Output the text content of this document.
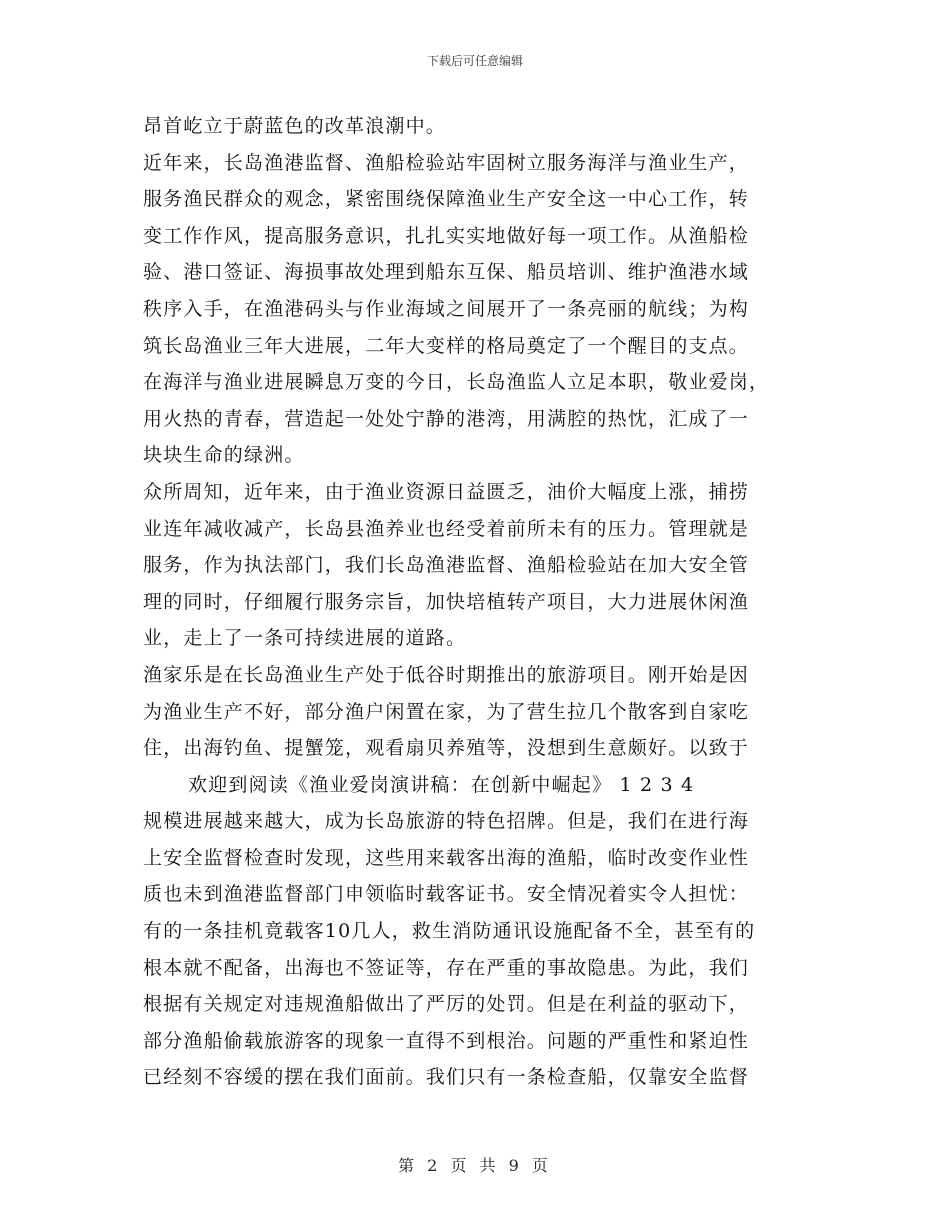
下载后可任意编辑
昂首屹立于蔚蓝色的改革浪潮中。
近年来，长岛渔港监督、渔船检验站牢固树立服务海洋与渔业生产，
服务渔民群众的观念，紧密围绕保障渔业生产安全这一中心工作，转
变工作作风，提高服务意识，扎扎实实地做好每一项工作。从渔船检
验、港口签证、海损事故处理到船东互保、船员培训、维护渔港水域
秩序入手，在渔港码头与作业海域之间展开了一条亮丽的航线；为构
筑长岛渔业三年大进展，二年大变样的格局奠定了一个醒目的支点。
在海洋与渔业进展瞬息万变的今日，长岛渔监人立足本职，敬业爱岗，
用火热的青春，营造起一处处宁静的港湾，用满腔的热忱，汇成了一
块块生命的绿洲。
众所周知，近年来，由于渔业资源日益匮乏，油价大幅度上涨，捕捞
业连年减收减产，长岛县渔养业也经受着前所未有的压力。管理就是
服务，作为执法部门，我们长岛渔港监督、渔船检验站在加大安全管
理的同时，仔细履行服务宗旨，加快培植转产项目，大力进展休闲渔
业，走上了一条可持续进展的道路。
渔家乐是在长岛渔业生产处于低谷时期推出的旅游项目。刚开始是因
为渔业生产不好，部分渔户闲置在家，为了营生拉几个散客到自家吃
住，出海钓鱼、提蟹笼，观看扇贝养殖等，没想到生意颇好。以致于
欢迎到阅读《渔业爱岗演讲稿：在创新中崛起》 1 2 3 4
规模进展越来越大，成为长岛旅游的特色招牌。但是，我们在进行海
上安全监督检查时发现，这些用来载客出海的渔船，临时改变作业性
质也未到渔港监督部门申领临时载客证书。安全情况着实令人担忧：
有的一条挂机竟载客10几人，救生消防通讯设施配备不全，甚至有的
根本就不配备，出海也不签证等，存在严重的事故隐患。为此，我们
根据有关规定对违规渔船做出了严厉的处罚。但是在利益的驱动下，
部分渔船偷载旅游客的现象一直得不到根治。问题的严重性和紧迫性
已经刻不容缓的摆在我们面前。我们只有一条检查船，仅靠安全监督
第 2 页 共 9 页
